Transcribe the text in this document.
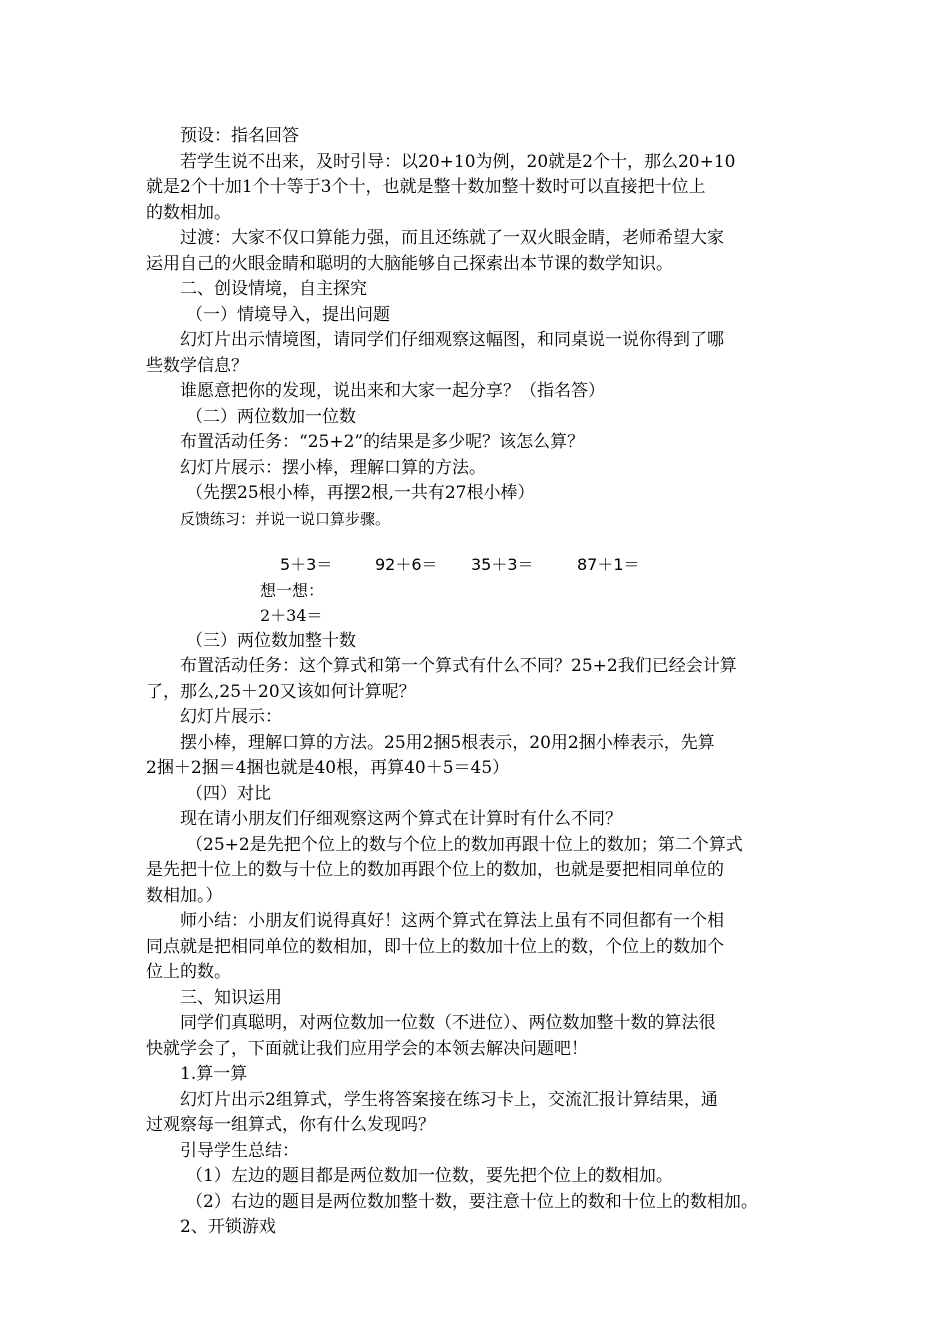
预设：指名回答

若学生说不出来，及时引导：以20+10为例，20就是2个十，那么20+10

就是2个十加1个十等于3个十，也就是整十数加整十数时可以直接把十位上

的数相加。

过渡：大家不仅口算能力强，而且还练就了一双火眼金睛，老师希望大家

运用自己的火眼金睛和聪明的大脑能够自己探索出本节课的数学知识。

二、创设情境，自主探究

（一）情境导入，提出问题

幻灯片出示情境图，请同学们仔细观察这幅图，和同桌说一说你得到了哪

些数学信息？

谁愿意把你的发现，说出来和大家一起分享？（指名答）

（二）两位数加一位数

布置活动任务：“25+2”的结果是多少呢？该怎么算？

幻灯片展示：摆小棒，理解口算的方法。

（先摆25根小棒，再摆2根,一共有27根小棒）

反馈练习：并说一说口算步骤。

5＋3＝	92＋6＝ 35＋3＝	87＋1＝

想一想：

2＋34＝

（三）两位数加整十数

布置活动任务：这个算式和第一个算式有什么不同？25+2我们已经会计算

了，那么,25＋20又该如何计算呢？

幻灯片展示：

摆小棒，理解口算的方法。25用2捆5根表示，20用2捆小棒表示，先算

2捆＋2捆＝4捆也就是40根，再算40＋5＝45）

（四）对比

现在请小朋友们仔细观察这两个算式在计算时有什么不同？

（25+2是先把个位上的数与个位上的数加再跟十位上的数加；第二个算式

是先把十位上的数与十位上的数加再跟个位上的数加，也就是要把相同单位的

数相加。）

师小结：小朋友们说得真好！这两个算式在算法上虽有不同但都有一个相

同点就是把相同单位的数相加，即十位上的数加十位上的数，个位上的数加个

位上的数。

三、知识运用

同学们真聪明，对两位数加一位数（不进位）、两位数加整十数的算法很

快就学会了，下面就让我们应用学会的本领去解决问题吧！

1.算一算

幻灯片出示2组算式，学生将答案接在练习卡上，交流汇报计算结果，通

过观察每一组算式，你有什么发现吗？

引导学生总结：

（1）左边的题目都是两位数加一位数，要先把个位上的数相加。

（2）右边的题目是两位数加整十数，要注意十位上的数和十位上的数相加。

2、开锁游戏
